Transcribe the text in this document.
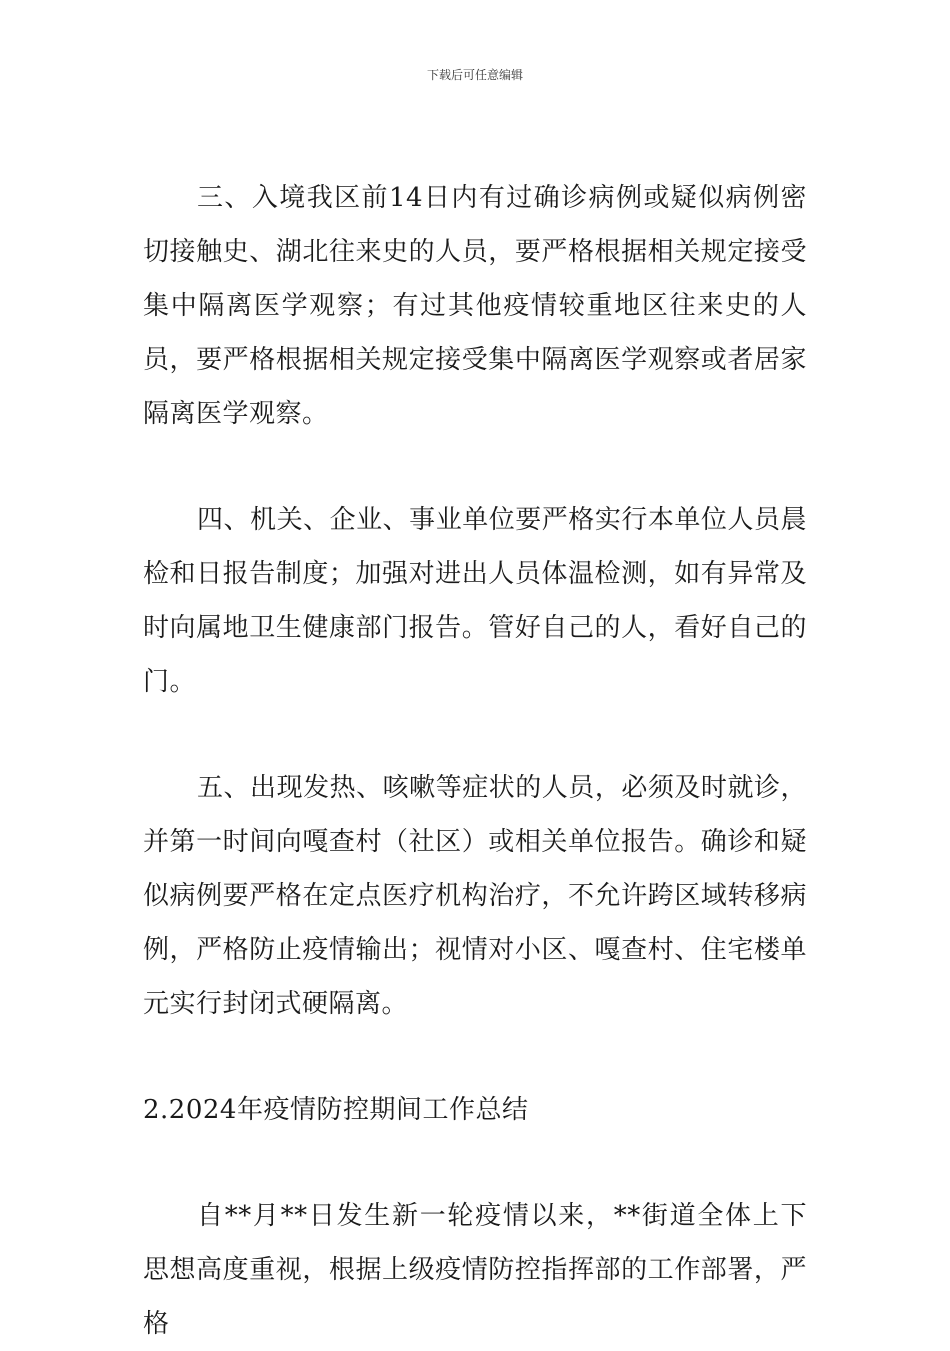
下载后可任意编辑

三、入境我区前14日内有过确诊病例或疑似病例密切接触史、湖北往来史的人员，要严格根据相关规定接受集中隔离医学观察；有过其他疫情较重地区往来史的人员，要严格根据相关规定接受集中隔离医学观察或者居家隔离医学观察。

四、机关、企业、事业单位要严格实行本单位人员晨检和日报告制度；加强对进出人员体温检测，如有异常及时向属地卫生健康部门报告。管好自己的人，看好自己的门。

五、出现发热、咳嗽等症状的人员，必须及时就诊，并第一时间向嘎查村（社区）或相关单位报告。确诊和疑似病例要严格在定点医疗机构治疗，不允许跨区域转移病例，严格防止疫情输出；视情对小区、嘎查村、住宅楼单元实行封闭式硬隔离。

2.2024年疫情防控期间工作总结

自**月**日发生新一轮疫情以来，**街道全体上下思想高度重视，根据上级疫情防控指挥部的工作部署，严格
